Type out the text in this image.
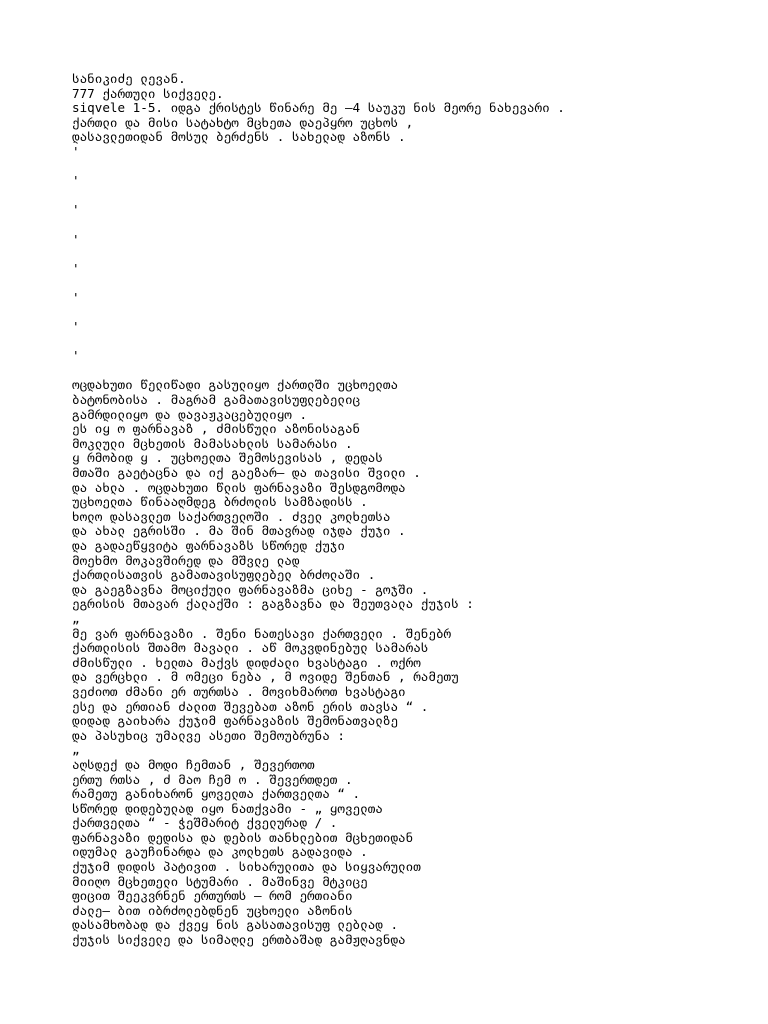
სანიკიძე ლევან.
777 ქართული სიქველე.
siqvele 1-5. იდგა ქრისტეს წინარე მე –4 საუკუ ნის მეორე ნახევარი .
ქართლი და მისი სატახტო მცხეთა დაეპყრო უცხოს ,
დასავლეთიდან მოსულ ბერძენს . სახელად აზონს .
'
'
'
'
'
'
'
'
ოცდახუთი წელიწადი გასულიყო ქართლში უცხოელთა
ბატონობისა . მაგრამ გამათავისუფლებელიც
გამრდილიყო და დავაჟკაცებულიყო .
ეს იყ ო ფარნავაზ , ძმისწული აზონისაგან
მოკლული მცხეთის მამასახლის სამარასი .
ყ რმობიდ ყ . უცხოელთა შემოსევისას , დედას
მთაში გაეტაცნა და იქ გაეზარ– და თავისი შვილი .
და ახლა . ოცდახუთი წლის ფარნავაზი შესდგომოდა
უცხოელთა წინააღმდეგ ბრძოლის სამზადისს .
ხოლო დასავლეთ საქართველოში . ძველ კოლხეთსა
და ახალ ეგრისში . მა შინ მთავრად იჯდა ქუჯი .
და გადაეწყვიტა ფარნავაზს სწორედ ქუჯი
მოეხმო მოკავშირედ და მშვლე ლად
ქართლისათვის გამათავისუფლებელ ბრძოლაში .
და გაეგზავნა მოციქული ფარნავაზმა ციხე - გოჯში .
ეგრისის მთავარ ქალაქში : გაგზავნა და შეუთვალა ქუჯის :
„
მე ვარ ფარნავაზი . შენი ნათესავი ქართველი . შენებრ
ქართლისის შთამო მავალი . აწ მოკვდინებულ სამარას
ძმისწული . ხელთა მაქვს დიდძალი ხვასტაგი . ოქრო
და ვერცხლი . მ ომეცი ნება , მ ოვიდე შენთან , რამეთუ
ვეძიოთ ძმანი ერ თურთსა . მოვიხმაროთ ხვასტაგი
ესე და ერთიან ძალით შევებათ აზონ ერის თავსა “ .
დიდად გაიხარა ქუჯიმ ფარნავაზის შემონათვალზე
და პასუხიც უმალვე ასეთი შემოუბრუნა :
„
აღსდექ და მოდი ჩემთან , შევერთოთ
ერთუ რთსა , ძ მაო ჩემ ო . შევერთდეთ .
რამეთუ განიხარონ ყოველთა ქართველთა “ .
სწორედ დიდებულად იყო ნათქვამი - „ ყოველთა
ქართველთა “ - ჭეშმარიტ ქველურად / .
ფარნავაზი დედისა და დების თანხლებით მცხეთიდან
იდუმალ გაუჩინარდა და კოლხეთს გადავიდა .
ქუჯიმ დიდის პატივით . სიხარულითა და სიყვარულით
მიიღო მცხეთელი სტუმარი . მაშინვე მტკიცე
ფიცით შეეკვრნენ ერთურთს – რომ ერთიანი
ძალე– ბით იბრძოლებდნენ უცხოელი აზონის
დასამხობად და ქვეყ ნის გასათავისუფ ლებლად .
ქუჯის სიქველე და სიმაღლე ერთბაშად გამჟღავნდა
